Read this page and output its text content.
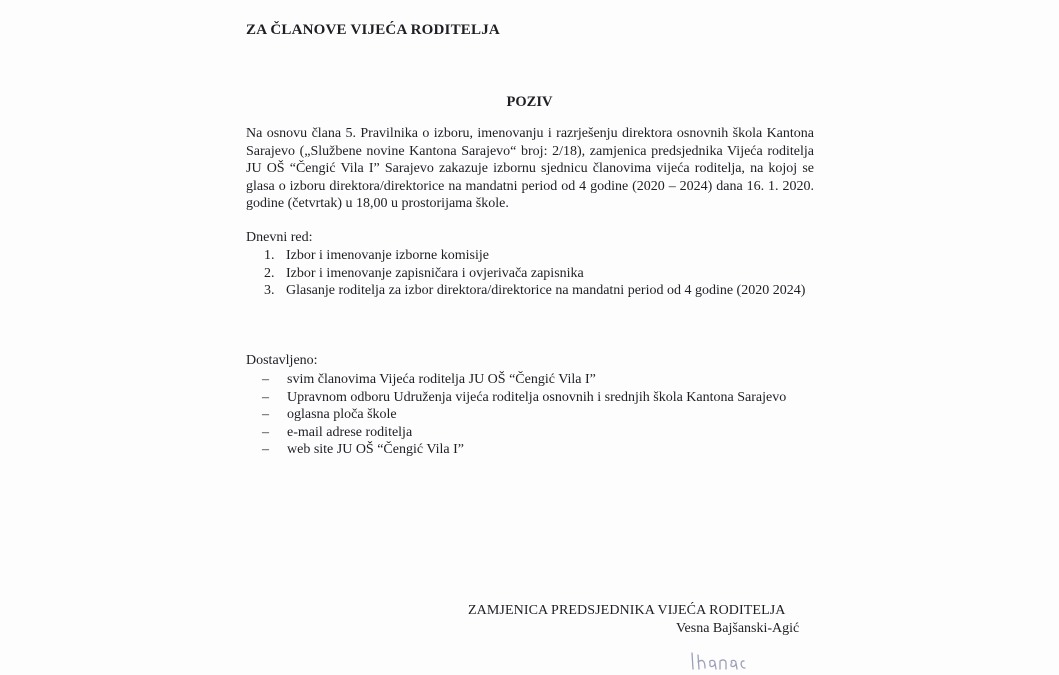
ZA ČLANOVE VIJEĆA RODITELJA
POZIV
Na osnovu člana 5. Pravilnika o izboru, imenovanju i razrješenju direktora osnovnih škola Kantona Sarajevo („Službene novine Kantona Sarajevo“ broj: 2/18), zamjenica predsjednika Vijeća roditelja JU OŠ “Čengić Vila I” Sarajevo zakazuje izbornu sjednicu članovima vijeća roditelja, na kojoj se glasa o izboru direktora/direktorice na mandatni period od 4 godine (2020 – 2024) dana 16. 1. 2020. godine (četvrtak) u 18,00 u prostorijama škole.
Dnevni red:
1. Izbor i imenovanje izborne komisije
2. Izbor i imenovanje zapisničara i ovjerivača zapisnika
3. Glasanje roditelja za izbor direktora/direktorice na mandatni period od 4 godine (2020 2024)
Dostavljeno:
–	svim članovima Vijeća roditelja JU OŠ “Čengić Vila I”
–	Upravnom odboru Udruženja vijeća roditelja osnovnih i srednjih škola Kantona Sarajevo
–	oglasna ploča škole
–	e-mail adrese roditelja
–	web site JU OŠ “Čengić Vila I”
ZAMJENICA PREDSJEDNIKA VIJEĆA RODITELJA
Vesna Bajšanski-Agić
